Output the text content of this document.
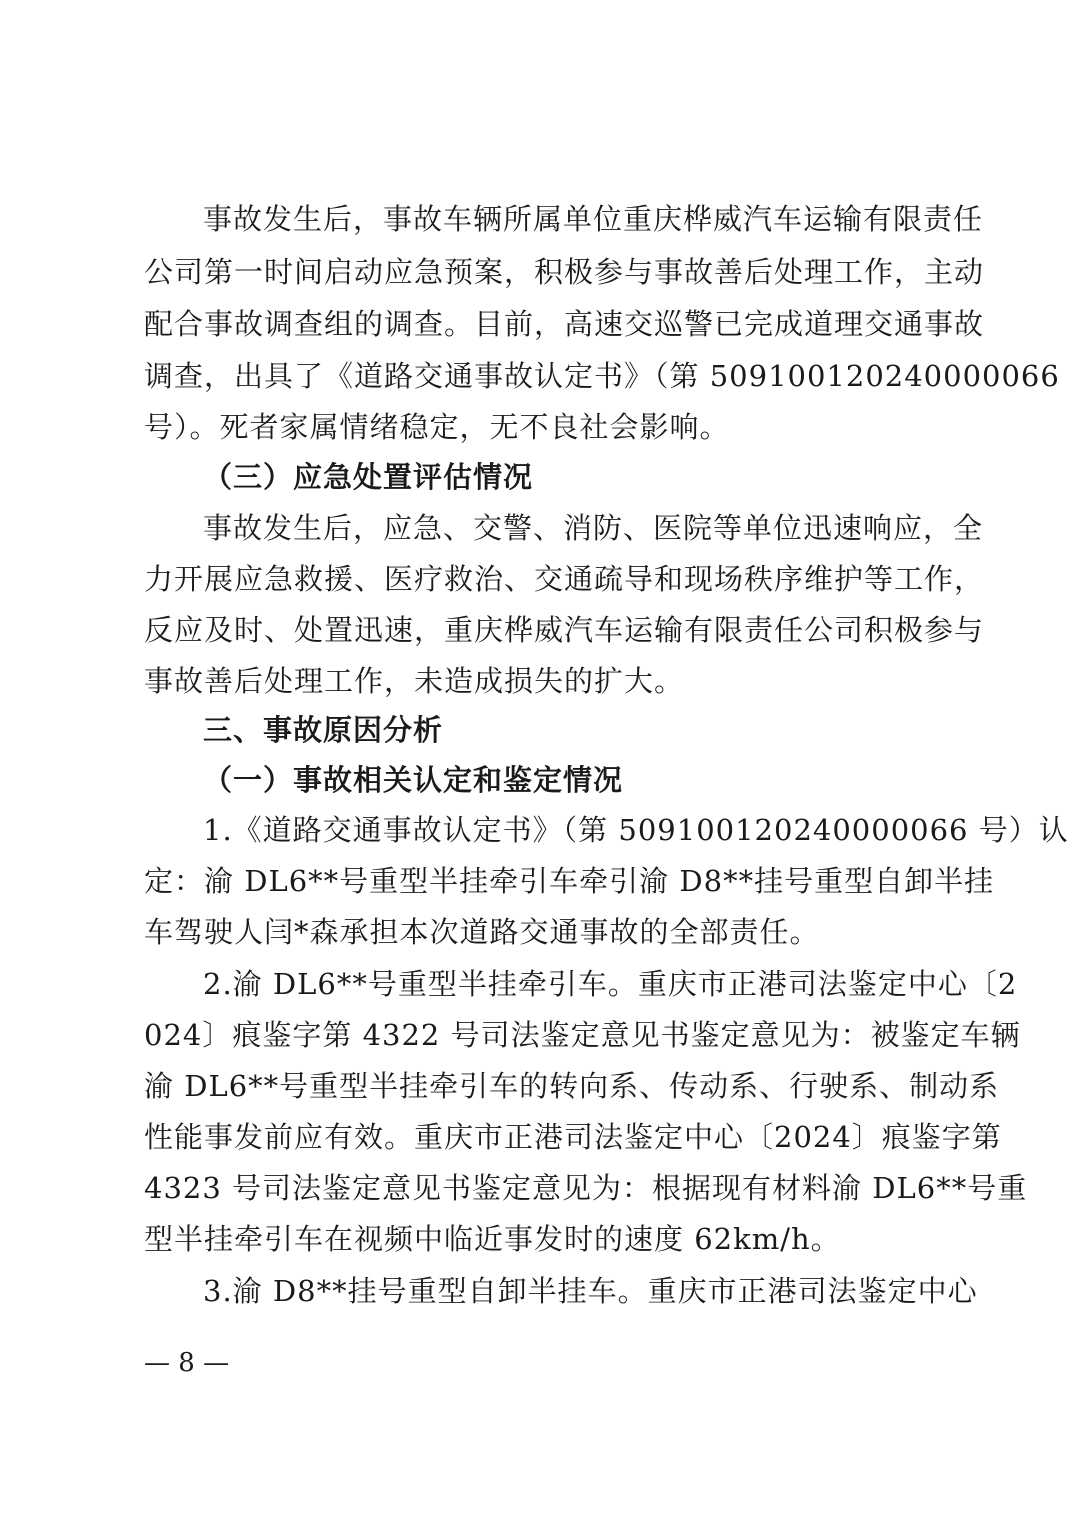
事故发生后，事故车辆所属单位重庆桦威汽车运输有限责任
公司第一时间启动应急预案，积极参与事故善后处理工作，主动
配合事故调查组的调查。目前，高速交巡警已完成道理交通事故
调查，出具了《道路交通事故认定书》（第 509100120240000066
号）。死者家属情绪稳定，无不良社会影响。
（三）应急处置评估情况
事故发生后，应急、交警、消防、医院等单位迅速响应，全
力开展应急救援、医疗救治、交通疏导和现场秩序维护等工作，
反应及时、处置迅速，重庆桦威汽车运输有限责任公司积极参与
事故善后处理工作，未造成损失的扩大。
三、事故原因分析
（一）事故相关认定和鉴定情况
1.《道路交通事故认定书》（第 509100120240000066 号）认
定：渝 DL6**号重型半挂牵引车牵引渝 D8**挂号重型自卸半挂
车驾驶人闫*森承担本次道路交通事故的全部责任。
2.渝 DL6**号重型半挂牵引车。重庆市正港司法鉴定中心〔2
024〕痕鉴字第 4322 号司法鉴定意见书鉴定意见为：被鉴定车辆
渝 DL6**号重型半挂牵引车的转向系、传动系、行驶系、制动系
性能事发前应有效。重庆市正港司法鉴定中心〔2024〕痕鉴字第
4323 号司法鉴定意见书鉴定意见为：根据现有材料渝 DL6**号重
型半挂牵引车在视频中临近事发时的速度 62km/h。
3.渝 D8**挂号重型自卸半挂车。重庆市正港司法鉴定中心
— 8 —
